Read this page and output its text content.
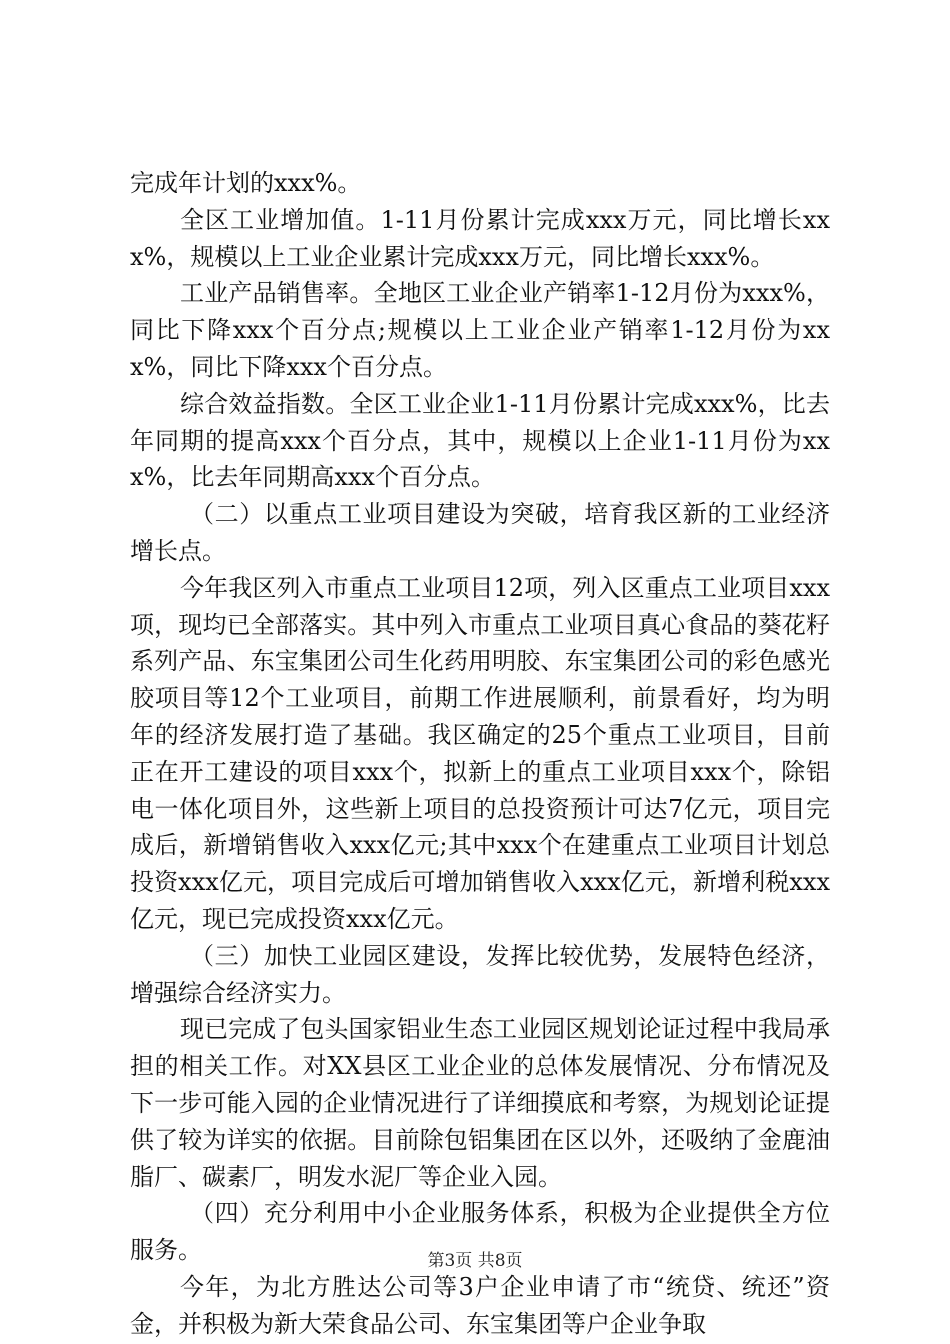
完成年计划的xxx%。

全区工业增加值。1-11月份累计完成xxx万元，同比增长xxx%，规模以上工业企业累计完成xxx万元，同比增长xxx%。

工业产品销售率。全地区工业企业产销率1-12月份为xxx%，同比下降xxx个百分点;规模以上工业企业产销率1-12月份为xxx%，同比下降xxx个百分点。

综合效益指数。全区工业企业1-11月份累计完成xxx%，比去年同期的提高xxx个百分点，其中，规模以上企业1-11月份为xxx%，比去年同期高xxx个百分点。

（二）以重点工业项目建设为突破，培育我区新的工业经济增长点。

今年我区列入市重点工业项目12项，列入区重点工业项目xxx项，现均已全部落实。其中列入市重点工业项目真心食品的葵花籽系列产品、东宝集团公司生化药用明胶、东宝集团公司的彩色感光胶项目等12个工业项目，前期工作进展顺利，前景看好，均为明年的经济发展打造了基础。我区确定的25个重点工业项目，目前正在开工建设的项目xxx个，拟新上的重点工业项目xxx个，除铝电一体化项目外，这些新上项目的总投资预计可达7亿元，项目完成后，新增销售收入xxx亿元;其中xxx个在建重点工业项目计划总投资xxx亿元，项目完成后可增加销售收入xxx亿元，新增利税xxx亿元，现已完成投资xxx亿元。

（三）加快工业园区建设，发挥比较优势，发展特色经济，增强综合经济实力。

现已完成了包头国家铝业生态工业园区规划论证过程中我局承担的相关工作。对XX县区工业企业的总体发展情况、分布情况及下一步可能入园的企业情况进行了详细摸底和考察，为规划论证提供了较为详实的依据。目前除包铝集团在区以外，还吸纳了金鹿油脂厂、碳素厂，明发水泥厂等企业入园。

（四）充分利用中小企业服务体系，积极为企业提供全方位服务。

今年，为北方胜达公司等3户企业申请了市“统贷、统还”资金，并积极为新大荣食品公司、东宝集团等户企业争取

第3页 共8页
